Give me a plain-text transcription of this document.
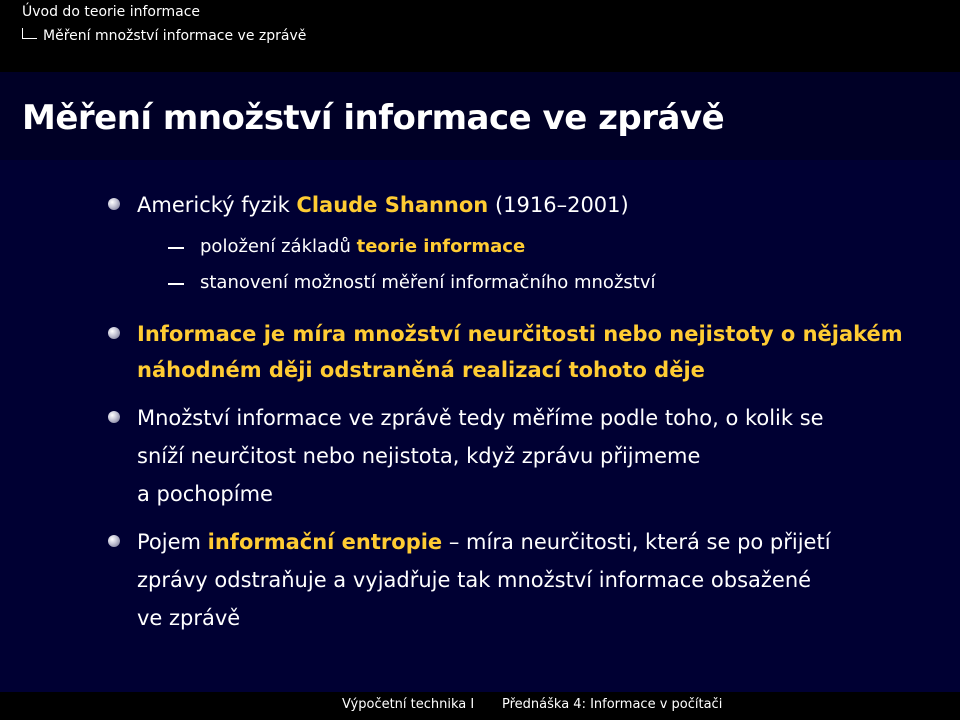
Úvod do teorie informace
Měření množství informace ve zprávě
Měření množství informace ve zprávě
Americký fyzik Claude Shannon (1916–2001)
položení základů teorie informace
stanovení možností měření informačního množství
Informace je míra množství neurčitosti nebo nejistoty o nějakém
náhodném ději odstraněná realizací tohoto děje
Množství informace ve zprávě tedy měříme podle toho, o kolik se
sníží neurčitost nebo nejistota, když zprávu přijmeme
a pochopíme
Pojem informační entropie – míra neurčitosti, která se po přijetí
zprávy odstraňuje a vyjadřuje tak množství informace obsažené
ve zprávě
Výpočetní technika I Přednáška 4: Informace v počítači
